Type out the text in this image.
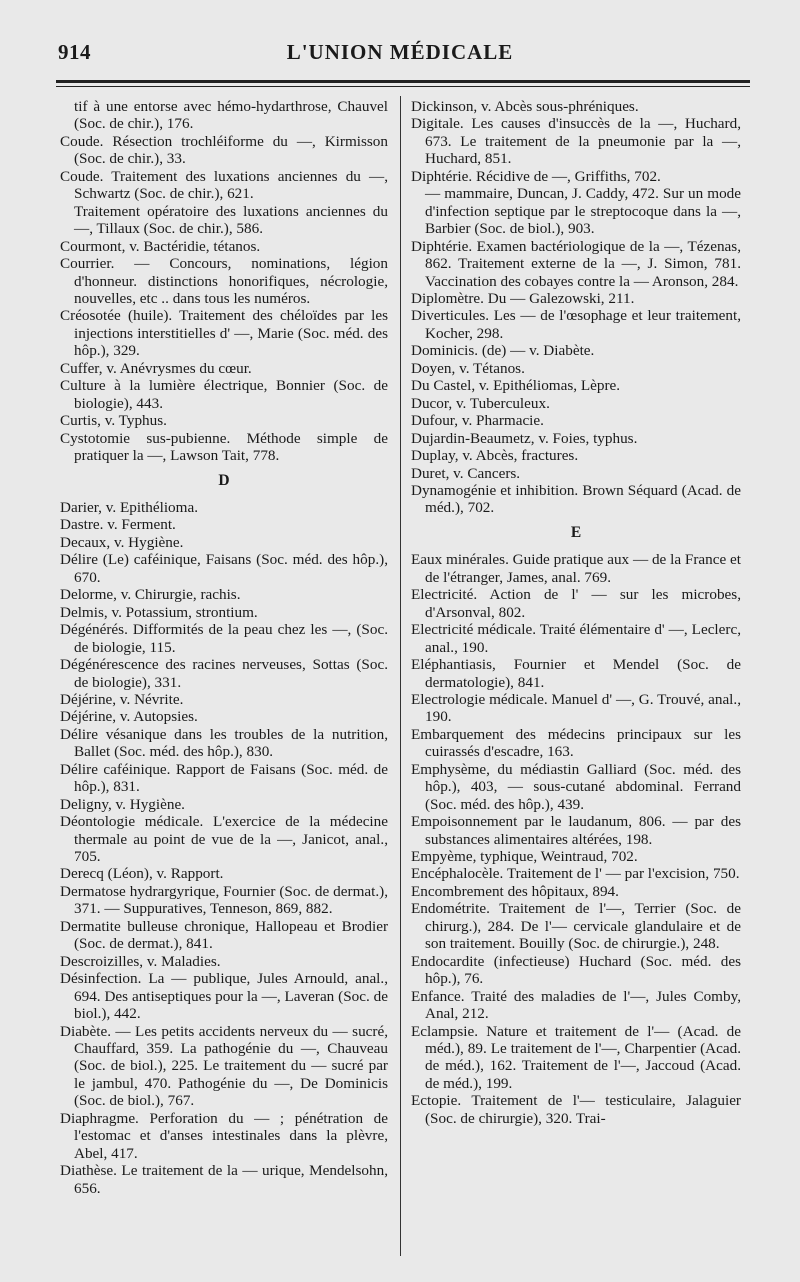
914	L'UNION MÉDICALE

tif à une entorse avec hémo-hydarthrose, Chauvel (Soc. de chir.), 176.

Coude. Résection trochléiforme du —, Kirmisson (Soc. de chir.), 33.

Coude. Traitement des luxations anciennes du —, Schwartz (Soc. de chir.), 621.

Traitement opératoire des luxations anciennes du —, Tillaux (Soc. de chir.), 586.

Courmont, v. Bactéridie, tétanos.

Courrier. — Concours, nominations, légion d'honneur. distinctions honorifiques, nécrologie, nouvelles, etc .. dans tous les numéros.

Créosotée (huile). Traitement des chéloïdes par les injections interstitielles d' —, Marie (Soc. méd. des hôp.), 329.

Cuffer, v. Anévrysmes du cœur.

Culture à la lumière électrique, Bonnier (Soc. de biologie), 443.

Curtis, v. Typhus.

Cystotomie sus-pubienne. Méthode simple de pratiquer la —, Lawson Tait, 778.

D

Darier, v. Epithélioma.

Dastre. v. Ferment.

Decaux, v. Hygiène.

Délire (Le) caféinique, Faisans (Soc. méd. des hôp.), 670.

Delorme, v. Chirurgie, rachis.

Delmis, v. Potassium, strontium.

Dégénérés. Difformités de la peau chez les —, (Soc. de biologie, 115.

Dégénérescence des racines nerveuses, Sottas (Soc. de biologie), 331.

Déjérine, v. Névrite.

Déjérine, v. Autopsies.

Délire vésanique dans les troubles de la nutrition, Ballet (Soc. méd. des hôp.), 830.

Délire caféinique. Rapport de Faisans (Soc. méd. de hôp.), 831.

Deligny, v. Hygiène.

Déontologie médicale. L'exercice de la médecine thermale au point de vue de la —, Janicot, anal., 705.

Derecq (Léon), v. Rapport.

Dermatose hydrargyrique, Fournier (Soc. de dermat.), 371. — Suppuratives, Tenneson, 869, 882.

Dermatite bulleuse chronique, Hallopeau et Brodier (Soc. de dermat.), 841.

Descroizilles, v. Maladies.

Désinfection. La — publique, Jules Arnould, anal., 694. Des antiseptiques pour la —, Laveran (Soc. de biol.), 442.

Diabète. — Les petits accidents nerveux du — sucré, Chauffard, 359. La pathogénie du —, Chauveau (Soc. de biol.), 225. Le traitement du — sucré par le jambul, 470. Pathogénie du —, De Dominicis (Soc. de biol.), 767.

Diaphragme. Perforation du — ; pénétration de l'estomac et d'anses intestinales dans la plèvre, Abel, 417.

Diathèse. Le traitement de la — urique, Mendelsohn, 656.

Dickinson, v. Abcès sous-phréniques.

Digitale. Les causes d'insuccès de la —, Huchard, 673. Le traitement de la pneumonie par la —, Huchard, 851.

Diphtérie. Récidive de —, Griffiths, 702.

— mammaire, Duncan, J. Caddy, 472. Sur un mode d'infection septique par le streptocoque dans la —, Barbier (Soc. de biol.), 903.

Diphtérie. Examen bactériologique de la —, Tézenas, 862. Traitement externe de la —, J. Simon, 781. Vaccination des cobayes contre la — Aronson, 284.

Diplomètre. Du — Galezowski, 211.

Diverticules. Les — de l'œsophage et leur traitement, Kocher, 298.

Dominicis. (de) — v. Diabète.

Doyen, v. Tétanos.

Du Castel, v. Epithéliomas, Lèpre.

Ducor, v. Tuberculeux.

Dufour, v. Pharmacie.

Dujardin-Beaumetz, v. Foies, typhus.

Duplay, v. Abcès, fractures.

Duret, v. Cancers.

Dynamogénie et inhibition. Brown Séquard (Acad. de méd.), 702.

E

Eaux minérales. Guide pratique aux — de la France et de l'étranger, James, anal. 769.

Electricité. Action de l' — sur les microbes, d'Arsonval, 802.

Electricité médicale. Traité élémentaire d' —, Leclerc, anal., 190.

Eléphantiasis, Fournier et Mendel (Soc. de dermatologie), 841.

Electrologie médicale. Manuel d' —, G. Trouvé, anal., 190.

Embarquement des médecins principaux sur les cuirassés d'escadre, 163.

Emphysème, du médiastin Galliard (Soc. méd. des hôp.), 403, — sous-cutané abdominal. Ferrand (Soc. méd. des hôp.), 439.

Empoisonnement par le laudanum, 806. — par des substances alimentaires altérées, 198.

Empyème, typhique, Weintraud, 702.

Encéphalocèle. Traitement de l' — par l'excision, 750.

Encombrement des hôpitaux, 894.

Endométrite. Traitement de l'—, Terrier (Soc. de chirurg.), 284. De l'— cervicale glandulaire et de son traitement. Bouilly (Soc. de chirurgie.), 248.

Endocardite (infectieuse) Huchard (Soc. méd. des hôp.), 76.

Enfance. Traité des maladies de l'—, Jules Comby, Anal, 212.

Eclampsie. Nature et traitement de l'— (Acad. de méd.), 89. Le traitement de l'—, Charpentier (Acad. de méd.), 162. Traitement de l'—, Jaccoud (Acad. de méd.), 199.

Ectopie. Traitement de l'— testiculaire, Jalaguier (Soc. de chirurgie), 320. Trai-
